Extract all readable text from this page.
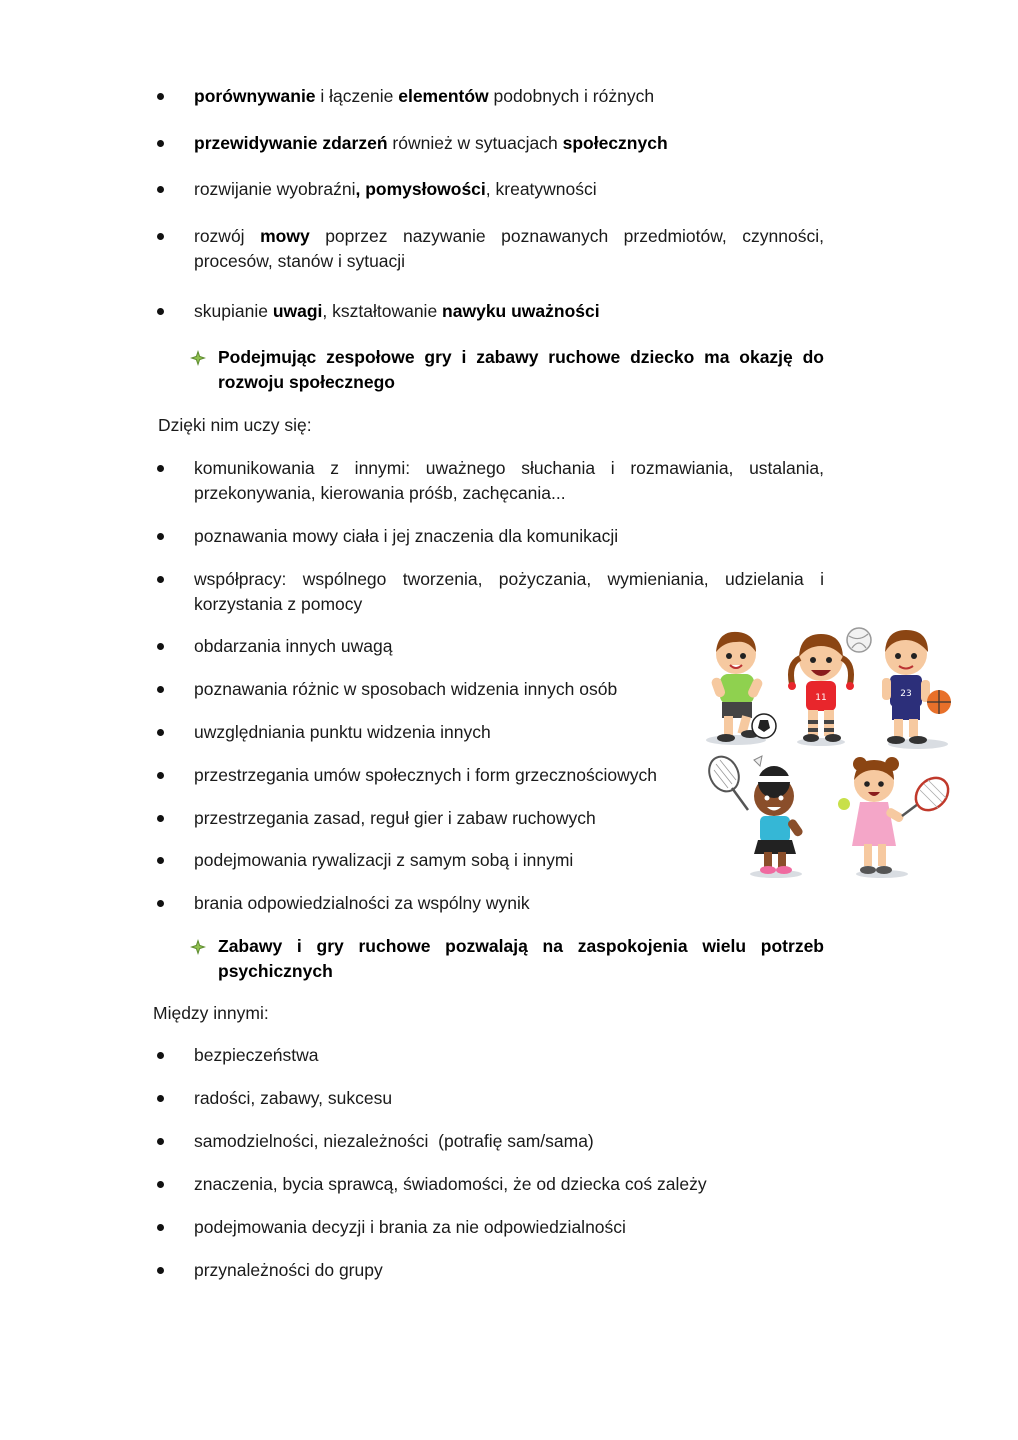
porównywanie i łączenie elementów podobnych i różnych
przewidywanie zdarzeń również w sytuacjach społecznych
rozwijanie wyobraźni, pomysłowości, kreatywności
rozwój mowy poprzez nazywanie poznawanych przedmiotów, czynności, procesów, stanów i sytuacji
skupianie uwagi, kształtowanie nawyku uważności
Podejmując zespołowe gry i zabawy ruchowe dziecko ma okazję do rozwoju społecznego
Dzięki nim uczy się:
komunikowania z innymi: uważnego słuchania i rozmawiania, ustalania, przekonywania, kierowania próśb, zachęcania...
poznawania mowy ciała i jej znaczenia dla komunikacji
współpracy: wspólnego tworzenia, pożyczania, wymieniania, udzielania i korzystania z pomocy
obdarzania innych uwagą
poznawania różnic w sposobach widzenia innych osób
uwzględniania punktu widzenia innych
przestrzegania umów społecznych i form grzecznościowych
przestrzegania zasad, reguł gier i zabaw ruchowych
podejmowania rywalizacji z samym sobą i innymi
brania odpowiedzialności za wspólny wynik
Zabawy i gry ruchowe pozwalają na zaspokojenia wielu potrzeb psychicznych
Między innymi:
bezpieczeństwa
radości, zabawy, sukcesu
samodzielności, niezależności  (potrafię sam/sama)
znaczenia, bycia sprawcą, świadomości, że od dziecka coś zależy
podejmowania decyzji i brania za nie odpowiedzialności
przynależności do grupy
11	23
